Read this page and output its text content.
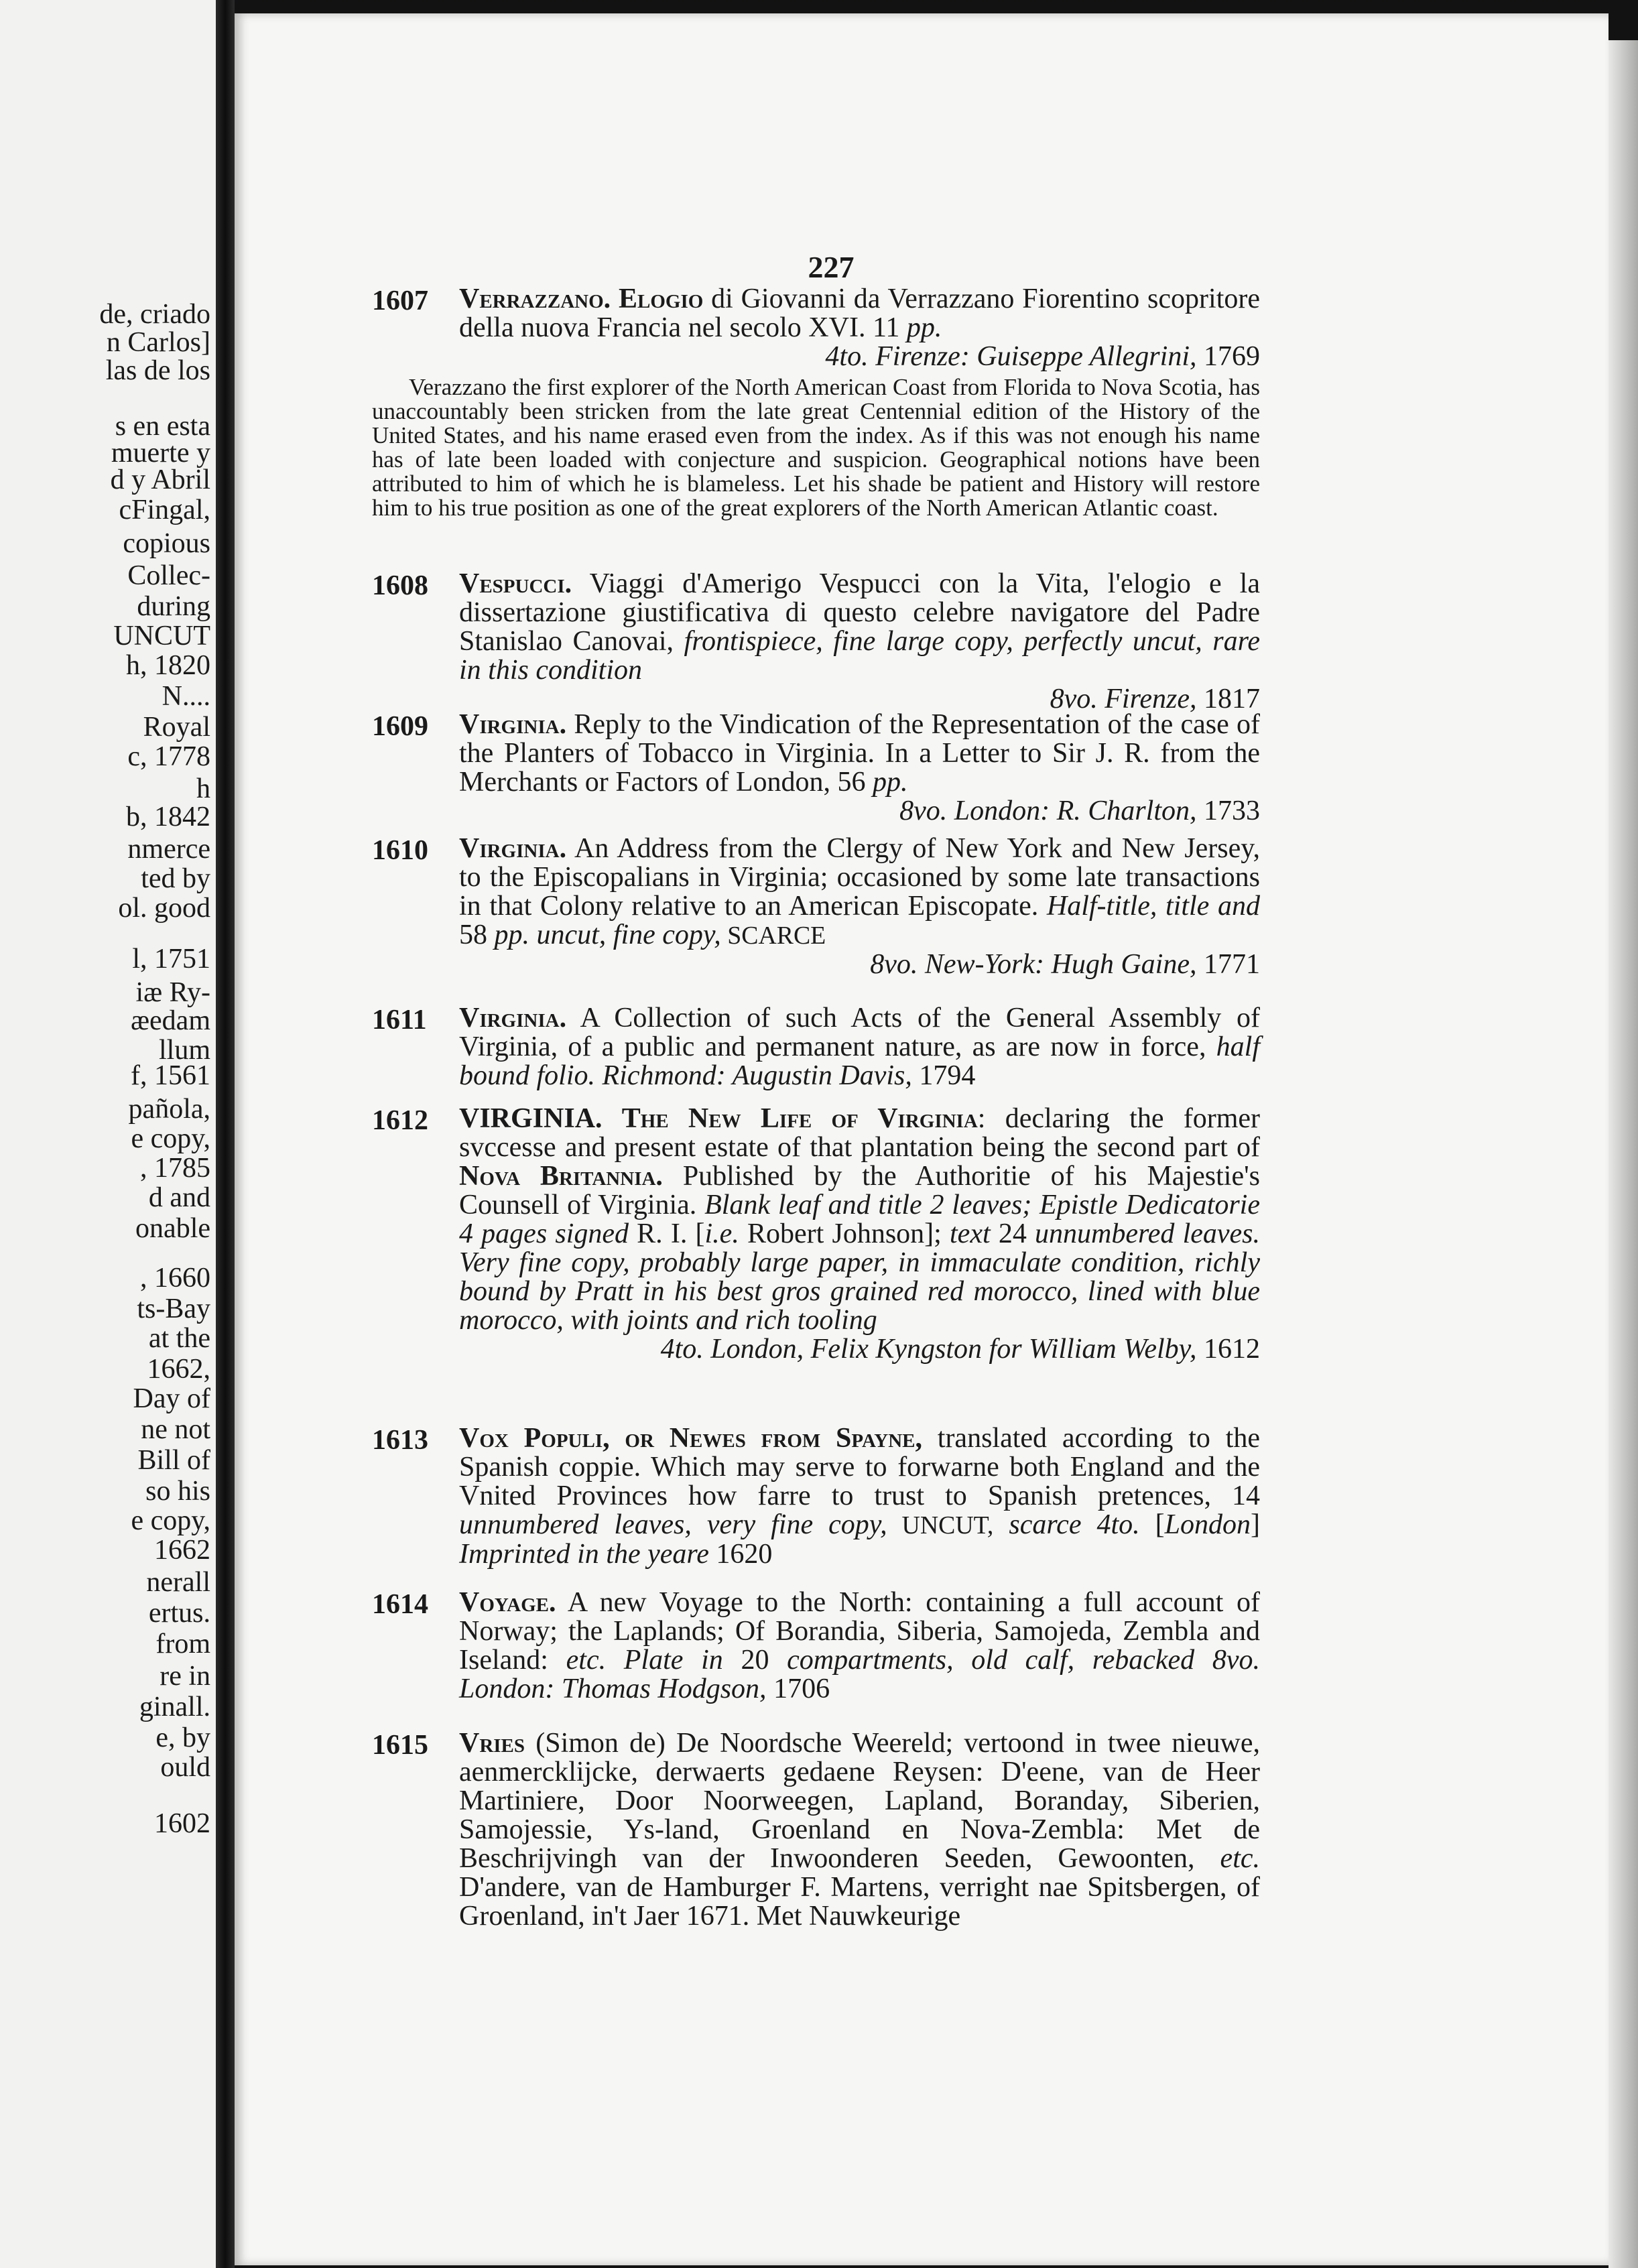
de, criado
n Carlos]
las de los
s en esta
muerte y
d y Abril
cFingal,
copious
Collec-
during
UNCUT
h, 1820
N....
Royal
c, 1778
h
b, 1842
nmerce
ted by
ol. good
l, 1751
iæ Ry-
æedam
llum
f, 1561
pañola,
e copy,
, 1785
d and
onable
, 1660
ts-Bay
at the
1662,
Day of
ne not
Bill of
so his
e copy,
1662
nerall
ertus.
from
re in
ginall.
e, by
ould
1602
227
1607 Verrazzano. Elogio di Giovanni da Verrazzano Fiorentino scopritore della nuova Francia nel secolo XVI. 11 pp.
4to. Firenze: Guiseppe Allegrini, 1769
Verazzano the first explorer of the North American Coast from Florida to Nova Scotia, has unaccountably been stricken from the late great Centennial edition of the History of the United States, and his name erased even from the index. As if this was not enough his name has of late been loaded with conjecture and suspicion. Geographical notions have been attributed to him of which he is blameless. Let his shade be patient and History will restore him to his true position as one of the great explorers of the North American Atlantic coast.
1608 Vespucci. Viaggi d'Amerigo Vespucci con la Vita, l'elogio e la dissertazione giustificativa di questo celebre navigatore del Padre Stanislao Canovai, frontispiece, fine large copy, perfectly uncut, rare in this condition
8vo. Firenze, 1817
1609 Virginia. Reply to the Vindication of the Representation of the case of the Planters of Tobacco in Virginia. In a Letter to Sir J. R. from the Merchants or Factors of London, 56 pp.
8vo. London: R. Charlton, 1733
1610 Virginia. An Address from the Clergy of New York and New Jersey, to the Episcopalians in Virginia; occasioned by some late transactions in that Colony relative to an American Episcopate. Half-title, title and 58 pp. uncut, fine copy, SCARCE
8vo. New-York: Hugh Gaine, 1771
1611 Virginia. A Collection of such Acts of the General Assembly of Virginia, of a public and permanent nature, as are now in force, half bound folio. Richmond: Augustin Davis, 1794
1612 VIRGINIA. The New Life of Virginia: declaring the former svccesse and present estate of that plantation being the second part of Nova Britannia. Published by the Authoritie of his Majestie's Counsell of Virginia. Blank leaf and title 2 leaves; Epistle Dedicatorie 4 pages signed R. I. [i.e. Robert Johnson]; text 24 unnumbered leaves. Very fine copy, probably large paper, in immaculate condition, richly bound by Pratt in his best gros grained red morocco, lined with blue morocco, with joints and rich tooling
4to. London, Felix Kyngston for William Welby, 1612
1613 Vox Populi, or Newes from Spayne, translated according to the Spanish coppie. Which may serve to forwarne both England and the Vnited Provinces how farre to trust to Spanish pretences, 14 unnumbered leaves, very fine copy, UNCUT, scarce 4to. [London] Imprinted in the yeare 1620
1614 Voyage. A new Voyage to the North: containing a full account of Norway; the Laplands; Of Borandia, Siberia, Samojeda, Zembla and Iseland: etc. Plate in 20 compartments, old calf, rebacked 8vo. London: Thomas Hodgson, 1706
1615 Vries (Simon de) De Noordsche Weereld; vertoond in twee nieuwe, aenmercklijcke, derwaerts gedaene Reysen: D'eene, van de Heer Martiniere, Door Noorweegen, Lapland, Boranday, Siberien, Samojessie, Ys-land, Groenland en Nova-Zembla: Met de Beschrijvingh van der Inwoonderen Seeden, Gewoonten, etc. D'andere, van de Hamburger F. Martens, verright nae Spitsbergen, of Groenland, in't Jaer 1671. Met Nauwkeurige
